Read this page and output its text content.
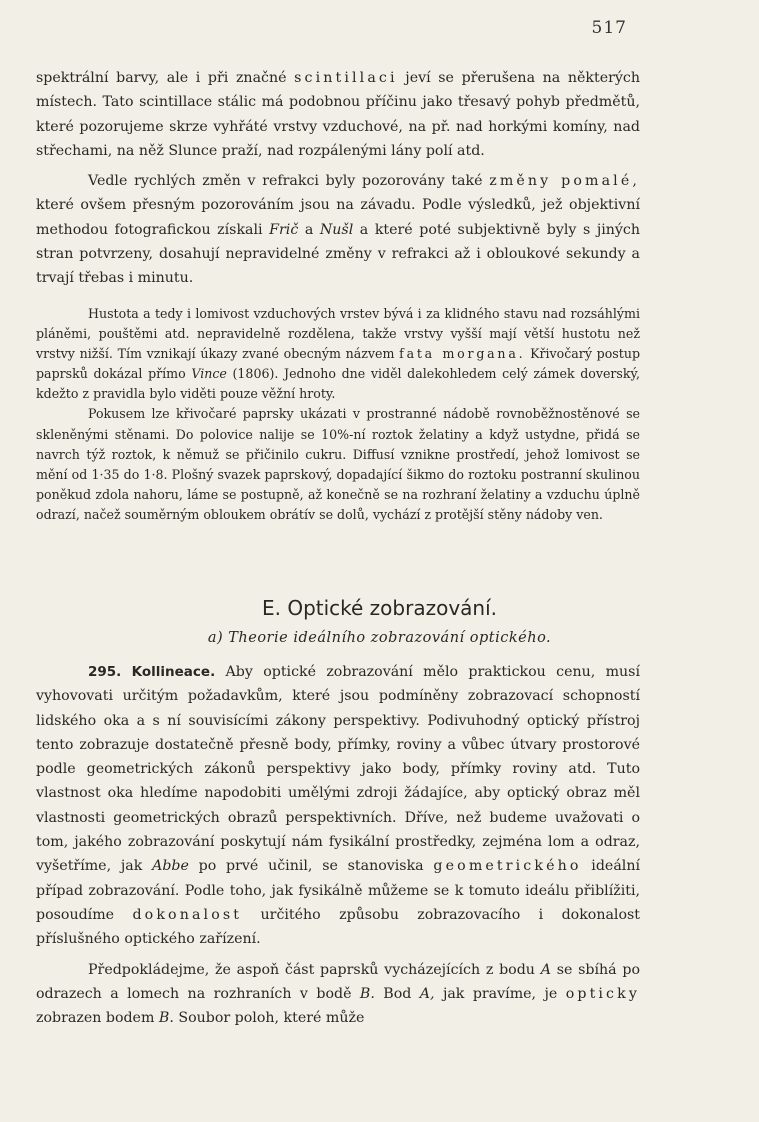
517

spektrální barvy, ale i při značné scintillaci jeví se přerušena na některých místech. Tato scintillace stálic má podobnou příčinu jako třesavý pohyb předmětů, které pozorujeme skrze vyhřáté vrstvy vzduchové, na př. nad horkými komíny, nad střechami, na něž Slunce praží, nad rozpálenými lány polí atd.

Vedle rychlých změn v refrakci byly pozorovány také změny pomalé, které ovšem přesným pozorováním jsou na závadu. Podle výsledků, jež objektivní methodou fotografickou získali Frič a Nušl a které poté subjektivně byly s jiných stran potvrzeny, dosahují nepravidelné změny v refrakci až i obloukové sekundy a trvají třebas i minutu.

Hustota a tedy i lomivost vzduchových vrstev bývá i za klidného stavu nad rozsáhlými pláněmi, pouštěmi atd. nepravidelně rozdělena, takže vrstvy vyšší mají větší hustotu než vrstvy nižší. Tím vznikají úkazy zvané obecným názvem fata morgana. Křivočarý postup paprsků dokázal přímo Vince (1806). Jednoho dne viděl dalekohledem celý zámek doverský, kdežto z pravidla bylo viděti pouze věžní hroty.

Pokusem lze křivočaré paprsky ukázati v prostranné nádobě rovnoběžnostěnové se skleněnými stěnami. Do polovice nalije se 10%-ní roztok želatiny a když ustydne, přidá se navrch týž roztok, k němuž se přičinilo cukru. Diffusí vznikne prostředí, jehož lomivost se mění od 1·35 do 1·8. Plošný svazek paprskový, dopadající šikmo do roztoku postranní skulinou poněkud zdola nahoru, láme se postupně, až konečně se na rozhraní želatiny a vzduchu úplně odrazí, načež souměrným obloukem obrátív se dolů, vychází z protější stěny nádoby ven.

E. Optické zobrazování.
a) Theorie ideálního zobrazování optického.

295. Kollineace. Aby optické zobrazování mělo praktickou cenu, musí vyhovovati určitým požadavkům, které jsou podmíněny zobrazovací schopností lidského oka a s ní souvisícími zákony perspektivy. Podivuhodný optický přístroj tento zobrazuje dostatečně přesně body, přímky, roviny a vůbec útvary prostorové podle geometrických zákonů perspektivy jako body, přímky roviny atd. Tuto vlastnost oka hledíme napodobiti umělými zdroji žádajíce, aby optický obraz měl vlastnosti geometrických obrazů perspektivních. Dříve, než budeme uvažovati o tom, jakého zobrazování poskytují nám fysikální prostředky, zejména lom a odraz, vyšetříme, jak Abbe po prvé učinil, se stanoviska geometrického ideální případ zobrazování. Podle toho, jak fysikálně můžeme se k tomuto ideálu přiblížiti, posoudíme dokonalost určitého způsobu zobrazovacího i dokonalost příslušného optického zařízení.

Předpokládejme, že aspoň část paprsků vycházejících z bodu A se sbíhá po odrazech a lomech na rozhraních v bodě B. Bod A, jak pravíme, je opticky zobrazen bodem B. Soubor poloh, které může
